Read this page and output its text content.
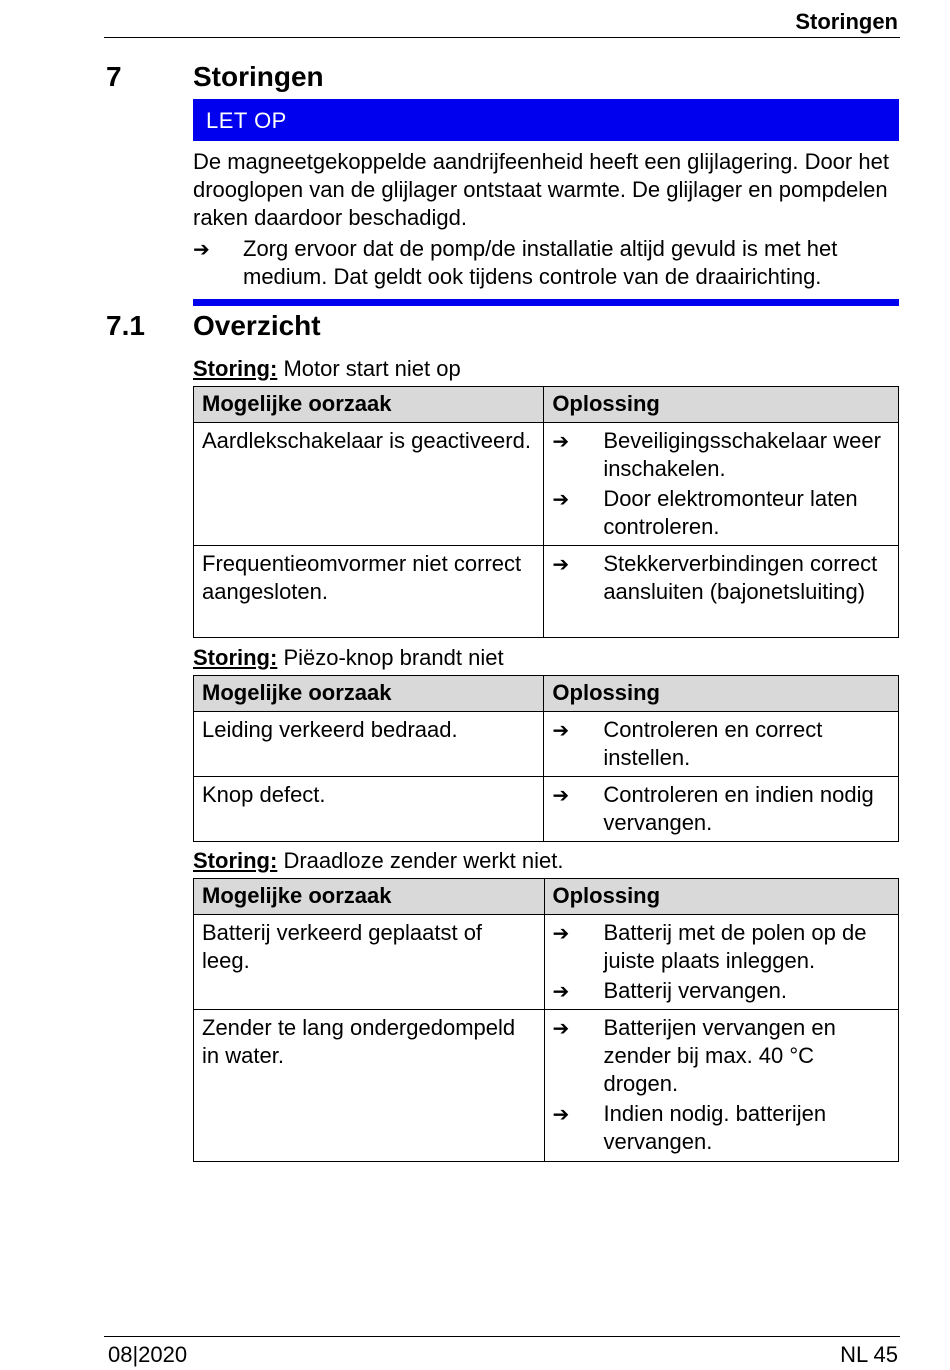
Storingen
7	Storingen
LET OP
De magneetgekoppelde aandrijfeenheid heeft een glijlagering. Door het drooglopen van de glijlager ontstaat warmte. De glijlager en pompdelen raken daardoor beschadigd.
➔	Zorg ervoor dat de pomp/de installatie altijd gevuld is met het medium. Dat geldt ook tijdens controle van de draairichting.
7.1 Overzicht
Storing: Motor start niet op
Mogelijke oorzaak	Oplossing
Aardlekschakelaar is geactiveerd.	➔ Beveiligingsschakelaar weer inschakelen.
➔ Door elektromonteur laten controleren.

Frequentieomvormer niet correct aangesloten.	➔ Stekkerverbindingen correct aansluiten (bajonetsluiting)
Storing: Piëzo-knop brandt niet
Mogelijke oorzaak	Oplossing
Leiding verkeerd bedraad.	➔ Controleren en correct instellen.

Knop defect.	➔ Controleren en indien nodig vervangen.
Storing: Draadloze zender werkt niet.
Mogelijke oorzaak	Oplossing
Batterij verkeerd geplaatst of leeg.	➔ Batterij met de polen op de juiste plaats inleggen.
➔ Batterij vervangen.

Zender te lang ondergedompeld in water.	➔ Batterijen vervangen en zender bij max. 40 °C drogen.
➔ Indien nodig. batterijen vervangen.
08|2020	NL 45
